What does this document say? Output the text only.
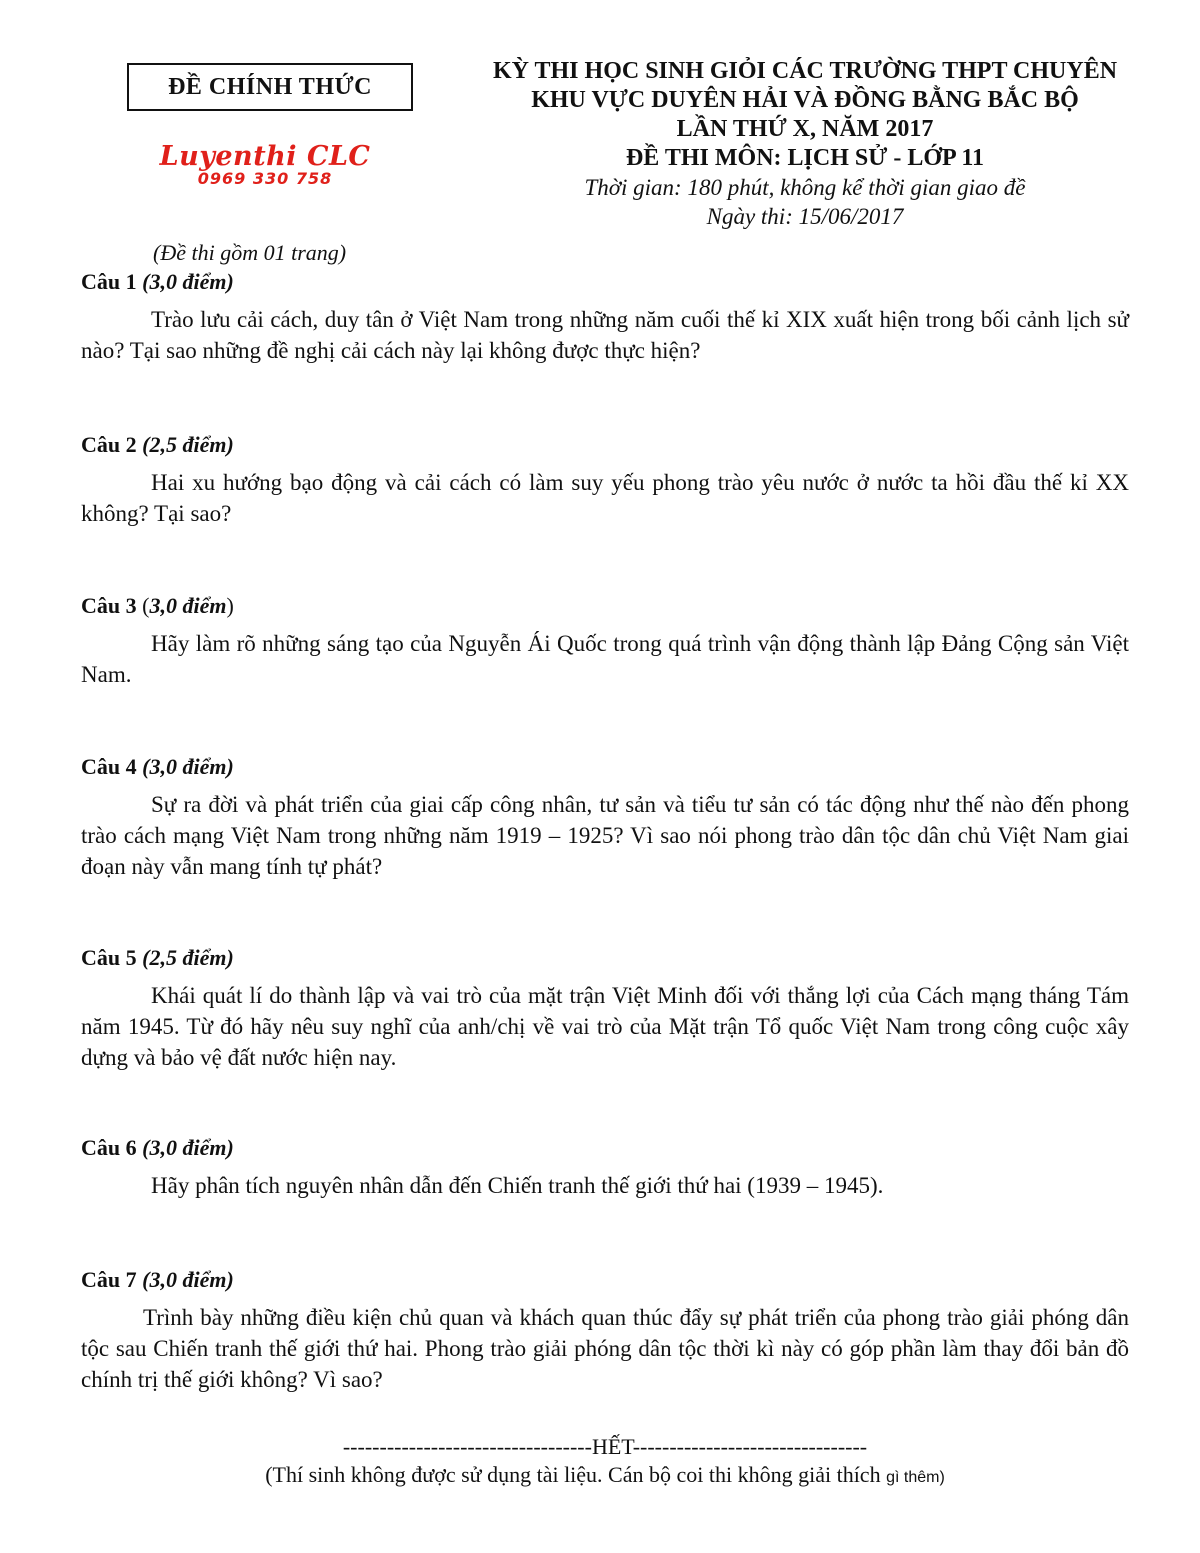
ĐỀ CHÍNH THỨC
Luyenthi CLC
0969 330 758
KỲ THI HỌC SINH GIỎI CÁC TRƯỜNG THPT CHUYÊN
KHU VỰC DUYÊN HẢI VÀ ĐỒNG BẰNG BẮC BỘ
LẦN THỨ X, NĂM 2017
ĐỀ THI MÔN: LỊCH SỬ - LỚP 11
Thời gian: 180 phút, không kể thời gian giao đề
Ngày thi: 15/06/2017
(Đề thi gồm 01 trang)
Câu 1 (3,0 điểm)
Trào lưu cải cách, duy tân ở Việt Nam trong những năm cuối thế kỉ XIX xuất hiện trong bối cảnh lịch sử nào? Tại sao những đề nghị cải cách này lại không được thực hiện?
Câu 2 (2,5 điểm)
Hai xu hướng bạo động và cải cách có làm suy yếu phong trào yêu nước ở nước ta hồi đầu thế kỉ XX không? Tại sao?
Câu 3 (3,0 điểm)
Hãy làm rõ những sáng tạo của Nguyễn Ái Quốc trong quá trình vận động thành lập Đảng Cộng sản Việt Nam.
Câu 4 (3,0 điểm)
Sự ra đời và phát triển của giai cấp công nhân, tư sản và tiểu tư sản có tác động như thế nào đến phong trào cách mạng Việt Nam trong những năm 1919 – 1925? Vì sao nói phong trào dân tộc dân chủ Việt Nam giai đoạn này vẫn mang tính tự phát?
Câu 5 (2,5 điểm)
Khái quát lí do thành lập và vai trò của mặt trận Việt Minh đối với thắng lợi của Cách mạng tháng Tám năm 1945. Từ đó hãy nêu suy nghĩ của anh/chị về vai trò của Mặt trận Tổ quốc Việt Nam trong công cuộc xây dựng và bảo vệ đất nước hiện nay.
Câu 6 (3,0 điểm)
Hãy phân tích nguyên nhân dẫn đến Chiến tranh thế giới thứ hai (1939 – 1945).
Câu 7 (3,0 điểm)
Trình bày những điều kiện chủ quan và khách quan thúc đẩy sự phát triển của phong trào giải phóng dân tộc sau Chiến tranh thế giới thứ hai. Phong trào giải phóng dân tộc thời kì này có góp phần làm thay đổi bản đồ chính trị thế giới không? Vì sao?
----------------------------------HẾT--------------------------------
(Thí sinh không được sử dụng tài liệu. Cán bộ coi thi không giải thích gì thêm)
